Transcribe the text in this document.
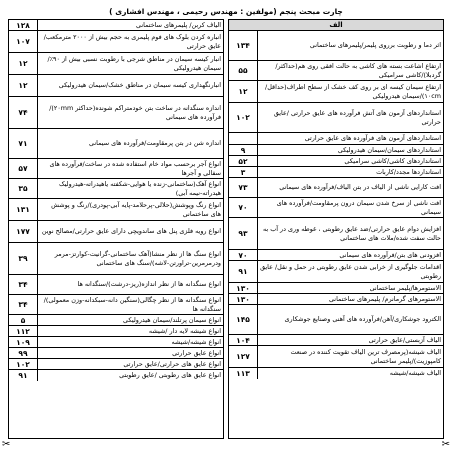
چارت مبحث پنجم (مولفین : مهندس رحیمی ، مهندس افشاری )
الف
اثر دما و رطوبت برروی پلیمر/پلیمرهای ساختمانی
۱۳۴
ارتفاع اشاعت بسته های کاشی به حالت افقی روی هم(حداکثر/گردبلا)/کاشی سرامیکی
۵۵
ارتفاع سیمان کیسه ای بر روی کف خشک از سطح اطراف(حداقل/۱۰cm)/سیمان هیدرولیکی
۱۲
استانداردهای آزمون های آتش فرآورده های عایق حرارتی /عایق حرارتی
۱۰۲
استانداردهای آزمون های فرآورده های عایق حرارتی
استانداردهای سیمان/سیمان هیدرولیکی
۹
استانداردهای کاشی/کاشی سرامیکی
۵۲
استانداردها مجدد/کاربات
۳
افت کارایی ناشی از الیاف در بتن الیاف/فرآورده های سیمانی
۷۳
افت ناشی از سرخ شدن سیمان درون پرمقاومت/فرآورده های سیمانی
۷۰
افزایش دوام عایق حرارتی/ضد عایق رطوبتی ، غوطه وری در آب به حالت سفت شده/ملات های ساختمانی
۹۳
افزودنی های بتن/فرآورده های سیمانی
۷۰
اقدامات جلوگیری از خرابی شدن عایق رطوبتی در حمل و نقل/ عایق رطوبتی
۹۱
الاستومرها/پلیمر ساختمانی
۱۳۰
الاستومرهای گرمانرم/ پلیمرهای ساختمانی
۱۳۰
الکترود جوشکاری/آهن/فرآورده های آهنی وصنایع جوشکاری
۱۴۵
الیاف آزبستی/عایق حرارتی
۱۰۴
الیاف شیشه(پرمصرف ترین الیاف تقویت کننده در صنعت کامپوزیت)/پلیمر ساختمانی
۱۲۷
الیاف شیشه/شیشه
۱۱۳
الیاف کربن/ پلیمرهای ساختمانی
۱۲۸
انباره کردن بلوک های فوم پلیمری به حجم بیش از ۲۰۰۰ مترمکعب/عایق حرارتی
۱۰۷
انبار کیسه سیمان در مناطق شرجی با رطوبت نسبی بیش از ۹۰٪/سیمان هیدرولیکی
۱۲
انبارنگهداری کیسه سیمان در مناطق خشک/سیمان هیدرولیکی
۱۲
اندازه سنگدانه در ساخت بتن خودمتراکم شونده(حداکثر ۲۰mm)/فرآورده های سیمانی
۷۴
اندازه شن در بتن پرمقاومت/فرآورده های سیمانی
۷۱
انواع آجر برحسب مواد خام استفاده شده در ساخت/فرآورده های سفالی و آجرها
۵۷
انواع آهک(ساختمانی-زنده یا هوایی-شکفته یاهیدراته-هیدرولیک هیدراته-نیمه آبی)
۳۵
انواع رنگ وپوشش(حلالی-پرحلامد-پایه آبی-پودری)/رنگ و پوشش های ساختمانی
۱۳۱
انواع رویه فلزی پنل های ساندویچی دارای عایق حرارتی/مصالح نوین
۱۷۷
انواع سنگ ها از نظر منشا(آهک ساختمانی-گرانیت-کوارتز-مرمر ودرمرمرین-تراورتن-لاشه)/سنگ های ساختمانی
۳۹
انواع سنگدانه ها از نظر اندازه(ریز-درشت)/سنگدانه ها
۳۴
انواع سنگدانه ها از نظر چگالی(سنگین دانه-سبکدانه-وزن معمولی)/سنگدانه ها
۳۴
انواع سیمان پرتلند/سیمان هیدرولیکی
۵
انواع شیشه لایه دار /شیشه
۱۱۲
انواع شیشه/شیشه
۱۰۹
انواع عایق حرارتی
۹۹
انواع عایق های حرارتی/عایق حرارتی
۱۰۲
انواع عایق های رطوبتی /عایق رطوبتی
۹۱
✂	✂
